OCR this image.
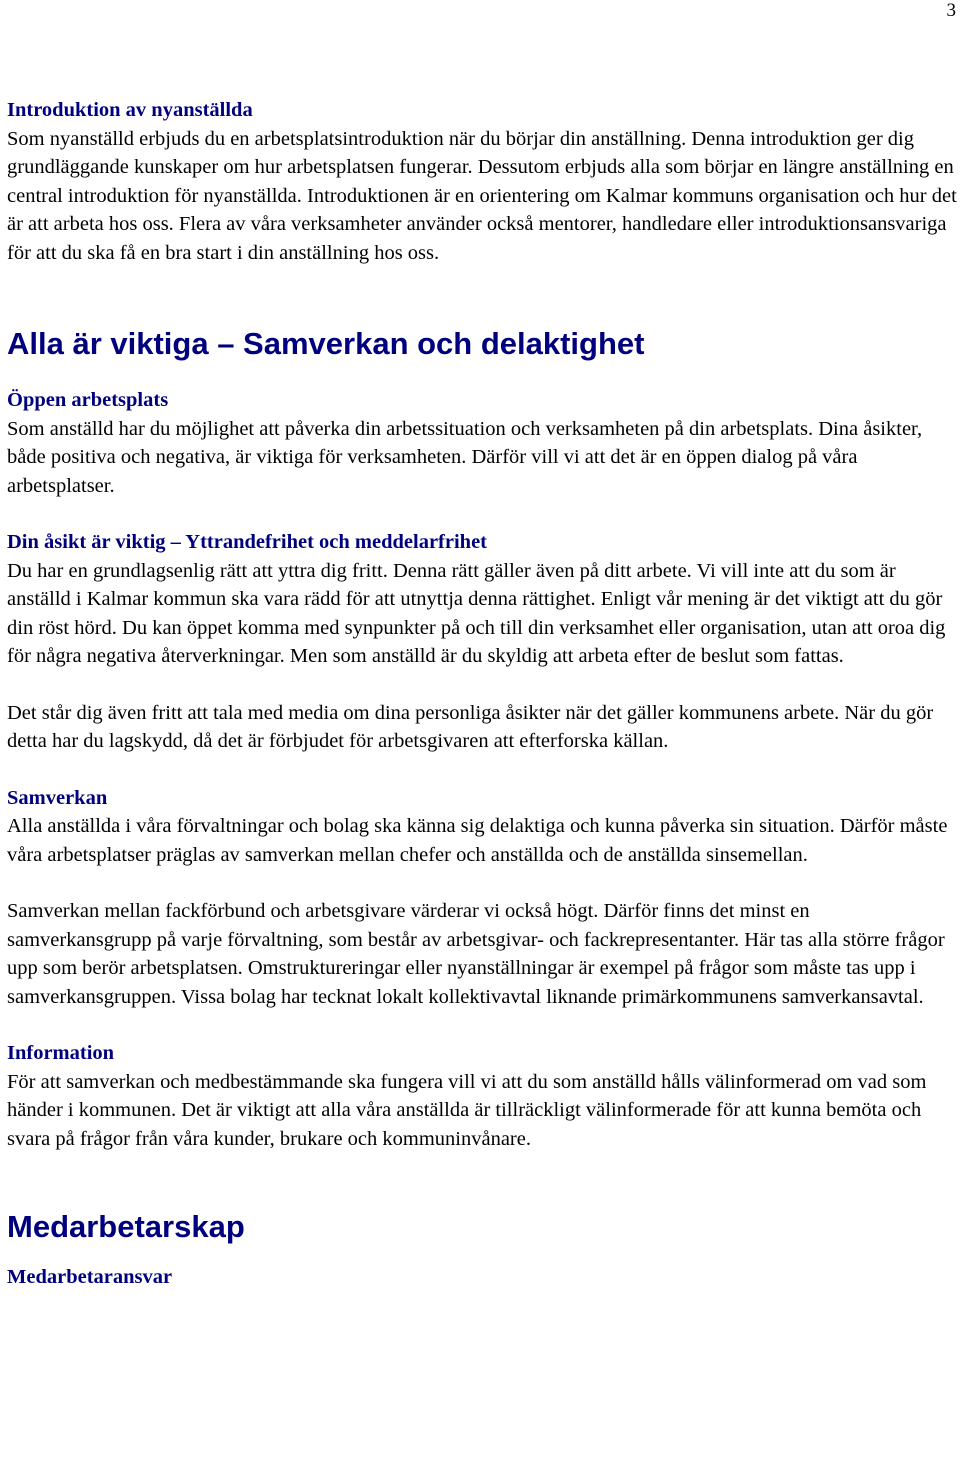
3
Introduktion av nyanställda

Som nyanställd erbjuds du en arbetsplatsintroduktion när du börjar din anställning. Denna introduktion ger dig grundläggande kunskaper om hur arbetsplatsen fungerar. Dessutom erbjuds alla som börjar en längre anställning en central introduktion för nyanställda. Introduktionen är en orientering om Kalmar kommuns organisation och hur det är att arbeta hos oss. Flera av våra verksamheter använder också mentorer, handledare eller introduktionsansvariga för att du ska få en bra start i din anställning hos oss.

Alla är viktiga – Samverkan och delaktighet
Öppen arbetsplats

Som anställd har du möjlighet att påverka din arbetssituation och verksamheten på din arbetsplats. Dina åsikter, både positiva och negativa, är viktiga för verksamheten. Därför vill vi att det är en öppen dialog på våra arbetsplatser.

Din åsikt är viktig – Yttrandefrihet och meddelarfrihet

Du har en grundlagsenlig rätt att yttra dig fritt. Denna rätt gäller även på ditt arbete. Vi vill inte att du som är anställd i Kalmar kommun ska vara rädd för att utnyttja denna rättighet. Enligt vår mening är det viktigt att du gör din röst hörd. Du kan öppet komma med synpunkter på och till din verksamhet eller organisation, utan att oroa dig för några negativa återverkningar. Men som anställd är du skyldig att arbeta efter de beslut som fattas.

Det står dig även fritt att tala med media om dina personliga åsikter när det gäller kommunens arbete. När du gör detta har du lagskydd, då det är förbjudet för arbetsgivaren att efterforska källan.

Samverkan

Alla anställda i våra förvaltningar och bolag ska känna sig delaktiga och kunna påverka sin situation. Därför måste våra arbetsplatser präglas av samverkan mellan chefer och anställda och de anställda sinsemellan.

Samverkan mellan fackförbund och arbetsgivare värderar vi också högt. Därför finns det minst en samverkansgrupp på varje förvaltning, som består av arbetsgivar- och fackrepresentanter. Här tas alla större frågor upp som berör arbetsplatsen. Omstruktureringar eller nyanställningar är exempel på frågor som måste tas upp i samverkansgruppen. Vissa bolag har tecknat lokalt kollektivavtal liknande primärkommunens samverkansavtal.

Information

För att samverkan och medbestämmande ska fungera vill vi att du som anställd hålls välinformerad om vad som händer i kommunen. Det är viktigt att alla våra anställda är tillräckligt välinformerade för att kunna bemöta och svara på frågor från våra kunder, brukare och kommuninvånare.

Medarbetarskap
Medarbetaransvar
